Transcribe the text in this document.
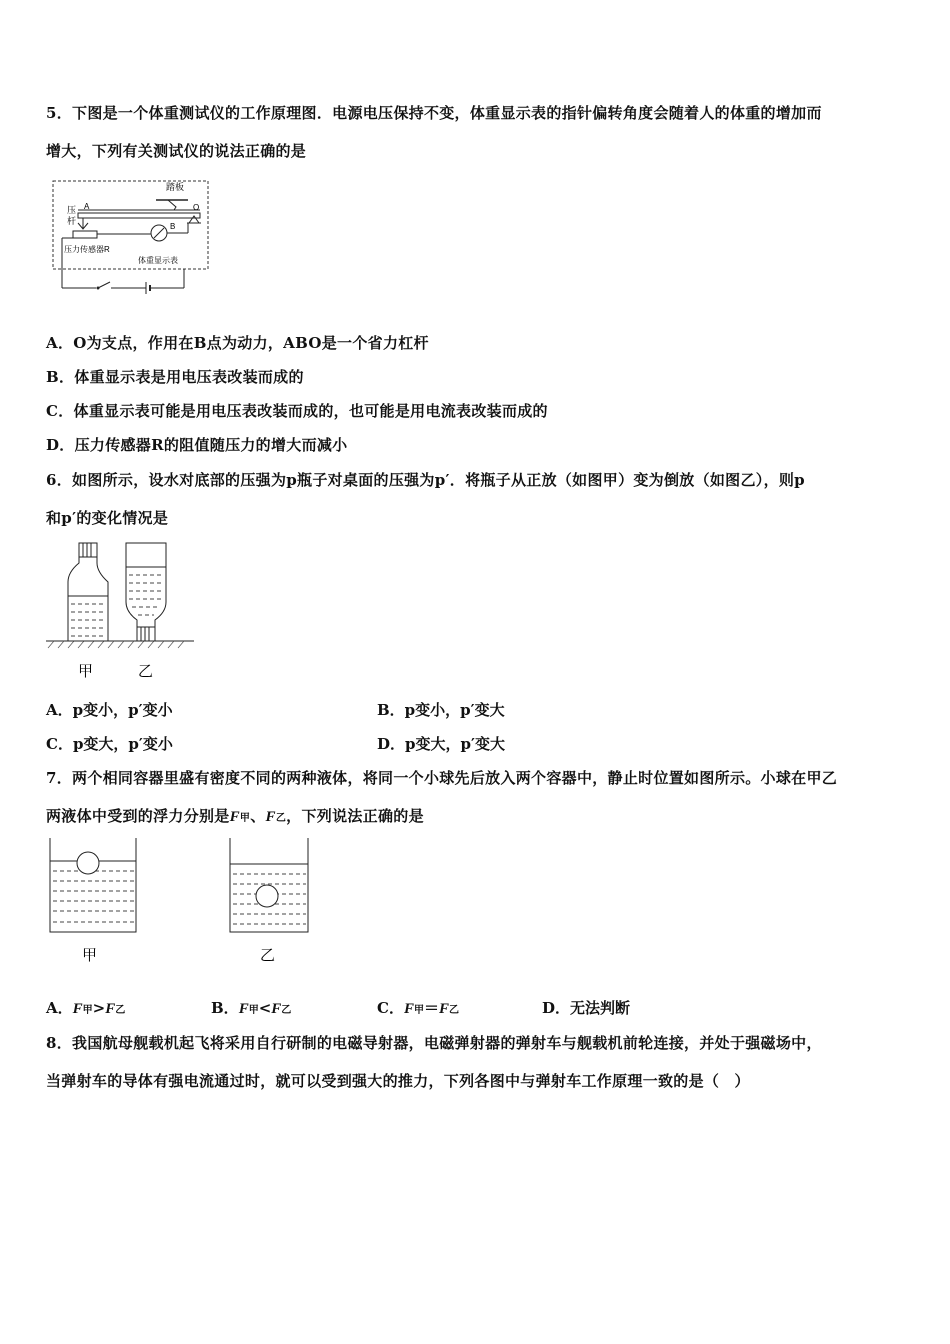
5．下图是一个体重测试仪的工作原理图．电源电压保持不变，体重显示表的指针偏转角度会随着人的体重的增加而
增大，下列有关测试仪的说法正确的是
踏板
压
杆
A
B
O
压力传感器R
体重显示表
A．O为支点，作用在B点为动力，ABO是一个省力杠杆
B．体重显示表是用电压表改装而成的
C．体重显示表可能是用电压表改装而成的，也可能是用电流表改装而成的
D．压力传感器R的阻值随压力的增大而减小
6．如图所示，设水对底部的压强为p瓶子对桌面的压强为p′．将瓶子从正放（如图甲）变为倒放（如图乙），则p
和p′的变化情况是
甲	乙
A．p变小，p′变小	B．p变小，p′变大
C．p变大，p′变小	D．p变大，p′变大
7．两个相同容器里盛有密度不同的两种液体，将同一个小球先后放入两个容器中，静止时位置如图所示。小球在甲乙
两液体中受到的浮力分别是F甲、F乙，下列说法正确的是
甲	乙
A．F甲>F乙	B．F甲<F乙	C．F甲＝F乙	D．无法判断
8．我国航母舰载机起飞将采用自行研制的电磁导射器，电磁弹射器的弹射车与舰载机前轮连接，并处于强磁场中，
当弹射车的导体有强电流通过时，就可以受到强大的推力，下列各图中与弹射车工作原理一致的是（　）
